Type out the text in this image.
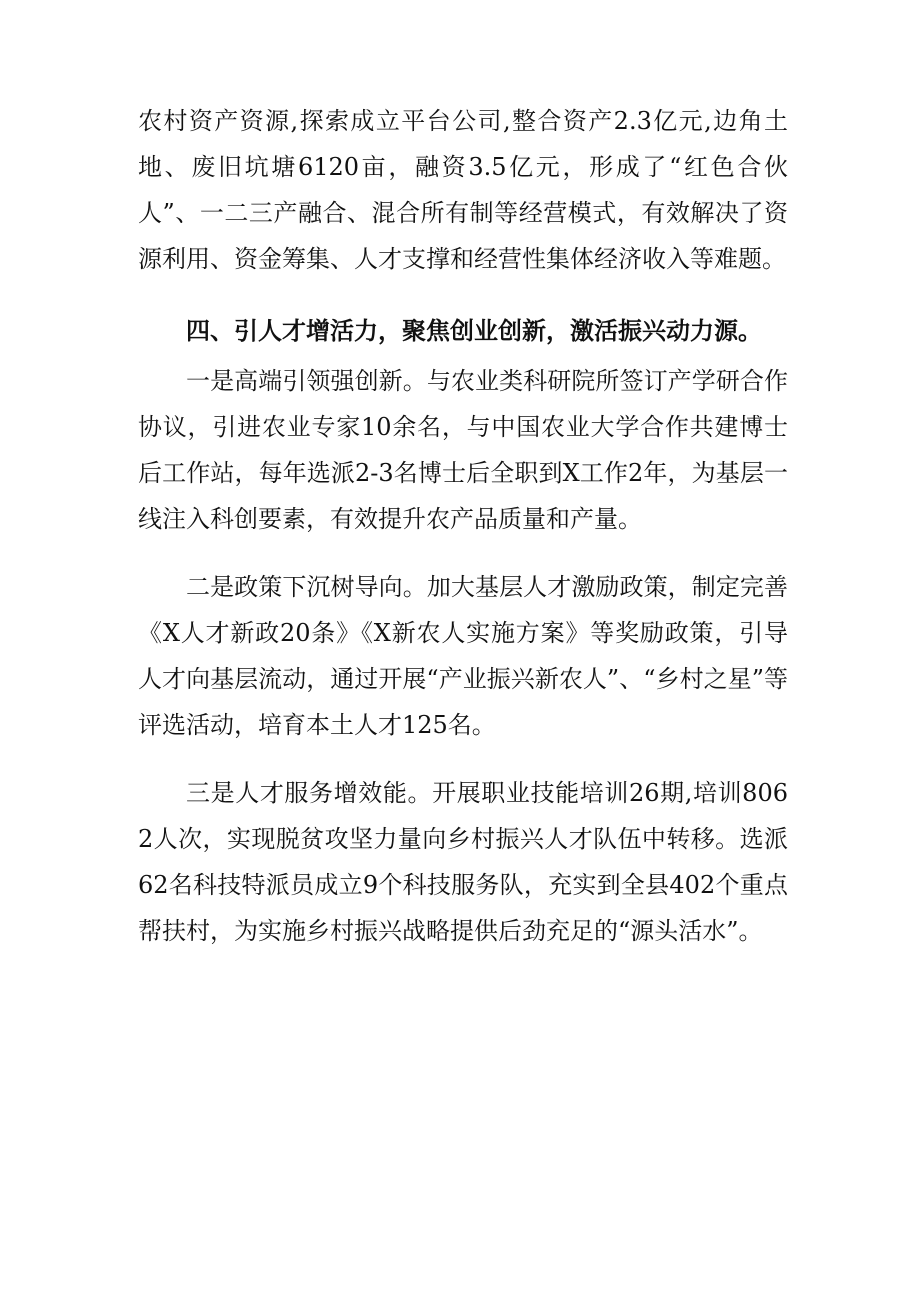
农村资产资源,探索成立平台公司,整合资产2.3亿元,边角土地、废旧坑塘6120亩，融资3.5亿元，形成了“红色合伙人”、一二三产融合、混合所有制等经营模式，有效解决了资源利用、资金筹集、人才支撑和经营性集体经济收入等难题。

四、引人才增活力，聚焦创业创新，激活振兴动力源。

一是高端引领强创新。与农业类科研院所签订产学研合作协议，引进农业专家10余名，与中国农业大学合作共建博士后工作站，每年选派2-3名博士后全职到X工作2年，为基层一线注入科创要素，有效提升农产品质量和产量。

二是政策下沉树导向。加大基层人才激励政策，制定完善《X人才新政20条》《X新农人实施方案》等奖励政策，引导人才向基层流动，通过开展“产业振兴新农人”、“乡村之星”等评选活动，培育本土人才125名。

三是人才服务增效能。开展职业技能培训26期,培训8062人次，实现脱贫攻坚力量向乡村振兴人才队伍中转移。选派62名科技特派员成立9个科技服务队，充实到全县402个重点帮扶村，为实施乡村振兴战略提供后劲充足的“源头活水”。
